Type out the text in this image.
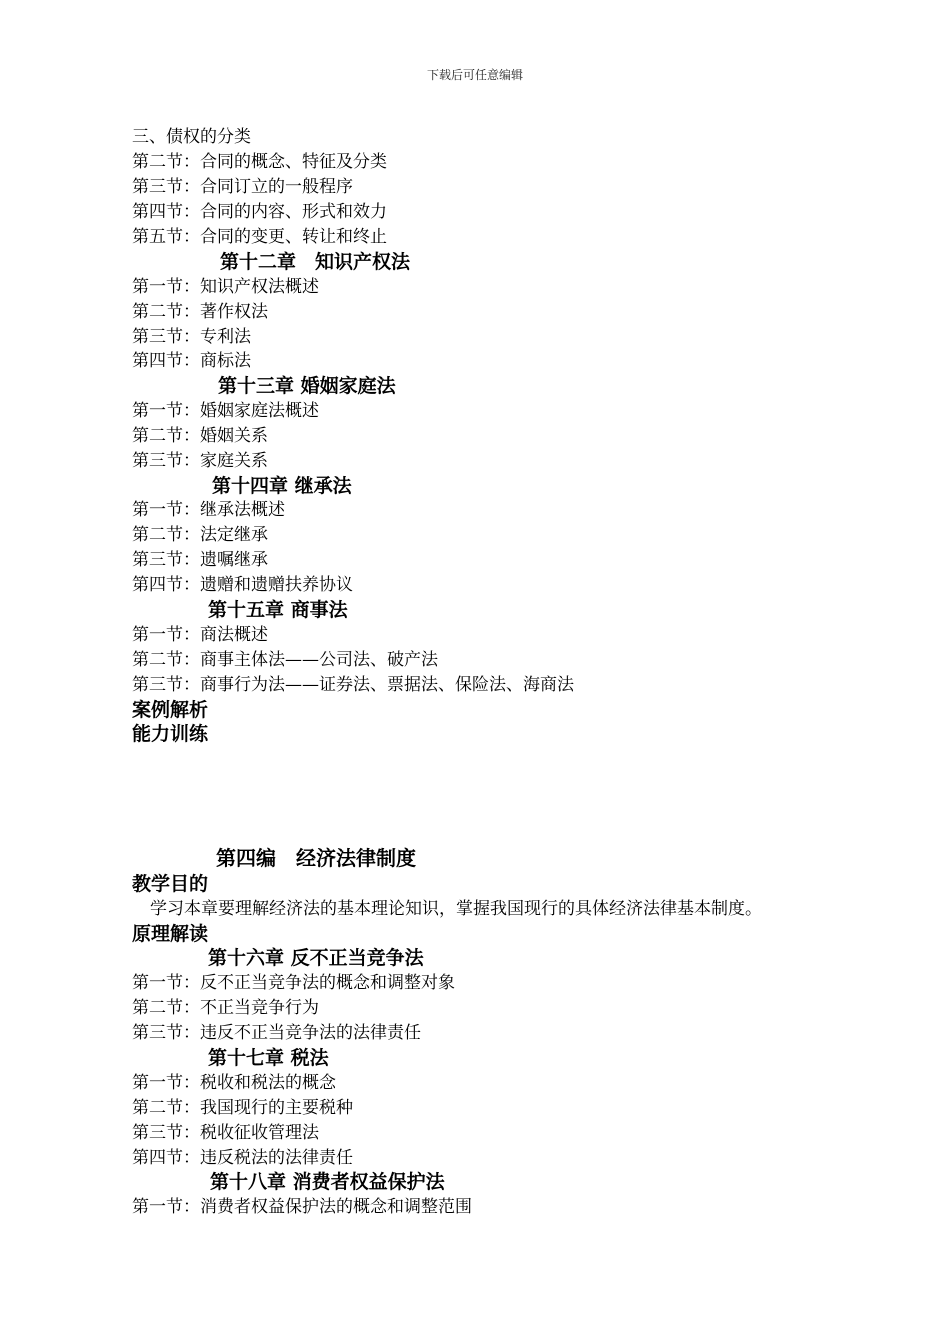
下载后可任意编辑

三、债权的分类

第二节：合同的概念、特征及分类

第三节：合同订立的一般程序

第四节：合同的内容、形式和效力

第五节：合同的变更、转让和终止

第十二章　知识产权法

第一节：知识产权法概述

第二节：著作权法

第三节：专利法

第四节：商标法

第十三章 婚姻家庭法

第一节：婚姻家庭法概述

第二节：婚姻关系

第三节：家庭关系

第十四章 继承法

第一节：继承法概述

第二节：法定继承

第三节：遗嘱继承

第四节：遗赠和遗赠扶养协议

第十五章 商事法

第一节：商法概述

第二节：商事主体法——公司法、破产法

第三节：商事行为法——证券法、票据法、保险法、海商法

案例解析

能力训练

第四编　经济法律制度

教学目的

学习本章要理解经济法的基本理论知识，掌握我国现行的具体经济法律基本制度。

原理解读

第十六章 反不正当竞争法

第一节：反不正当竞争法的概念和调整对象

第二节：不正当竞争行为

第三节：违反不正当竞争法的法律责任

第十七章 税法

第一节：税收和税法的概念

第二节：我国现行的主要税种

第三节：税收征收管理法

第四节：违反税法的法律责任

第十八章 消费者权益保护法

第一节：消费者权益保护法的概念和调整范围
